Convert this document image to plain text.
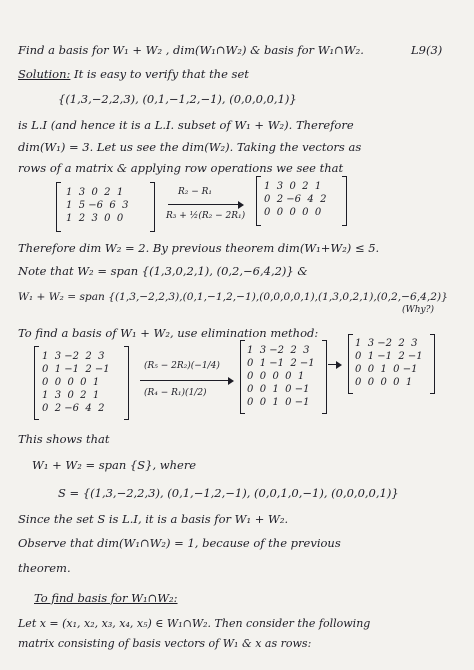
Find a basis for W₁ + W₂ , dim(W₁∩W₂) & basis for W₁∩W₂.	L9(3)
Solution: It is easy to verify that the set
{(1,3,−2,2,3), (0,1,−1,2,−1), (0,0,0,0,1)}
is L.I (and hence it is a L.I. subset of W₁ + W₂). Therefore
dim(W₁) = 3. Let us see the dim(W₂). Taking the vectors as
rows of a matrix & applying row operations we see that
1  3  0  2  1
1  5 −6  6  3
1  2  3  0  0
R₂ − R₁
R₃ + ½(R₂ − 2R₁)
1  3  0  2  1
0  2 −6  4  2
0  0  0  0  0
Therefore dim W₂ = 2. By previous theorem dim(W₁+W₂) ≤ 5.
Note that W₂ = span {(1,3,0,2,1), (0,2,−6,4,2)} &
W₁ + W₂ = span {(1,3,−2,2,3),(0,1,−1,2,−1),(0,0,0,0,1),(1,3,0,2,1),(0,2,−6,4,2)}
(Why?)
To find a basis of W₁ + W₂, use elimination method:
1  3 −2  2  3
0  1 −1  2 −1
0  0  0  0  1
1  3  0  2  1
0  2 −6  4  2
(R₅ − 2R₂)(−1/4)
(R₄ − R₁)(1/2)
1  3 −2  2  3
0  1 −1  2 −1
0  0  0  0  1
0  0  1  0 −1
0  0  1  0 −1
1  3 −2  2  3
0  1 −1  2 −1
0  0  1  0 −1
0  0  0  0  1
This shows that
W₁ + W₂ = span {S}, where
S = {(1,3,−2,2,3), (0,1,−1,2,−1), (0,0,1,0,−1), (0,0,0,0,1)}
Since the set S is L.I, it is a basis for W₁ + W₂.
Observe that dim(W₁∩W₂) = 1, because of the previous
theorem.
To find basis for W₁∩W₂:
Let x = (x₁, x₂, x₃, x₄, x₅) ∈ W₁∩W₂. Then consider the following
matrix consisting of basis vectors of W₁ & x as rows:
